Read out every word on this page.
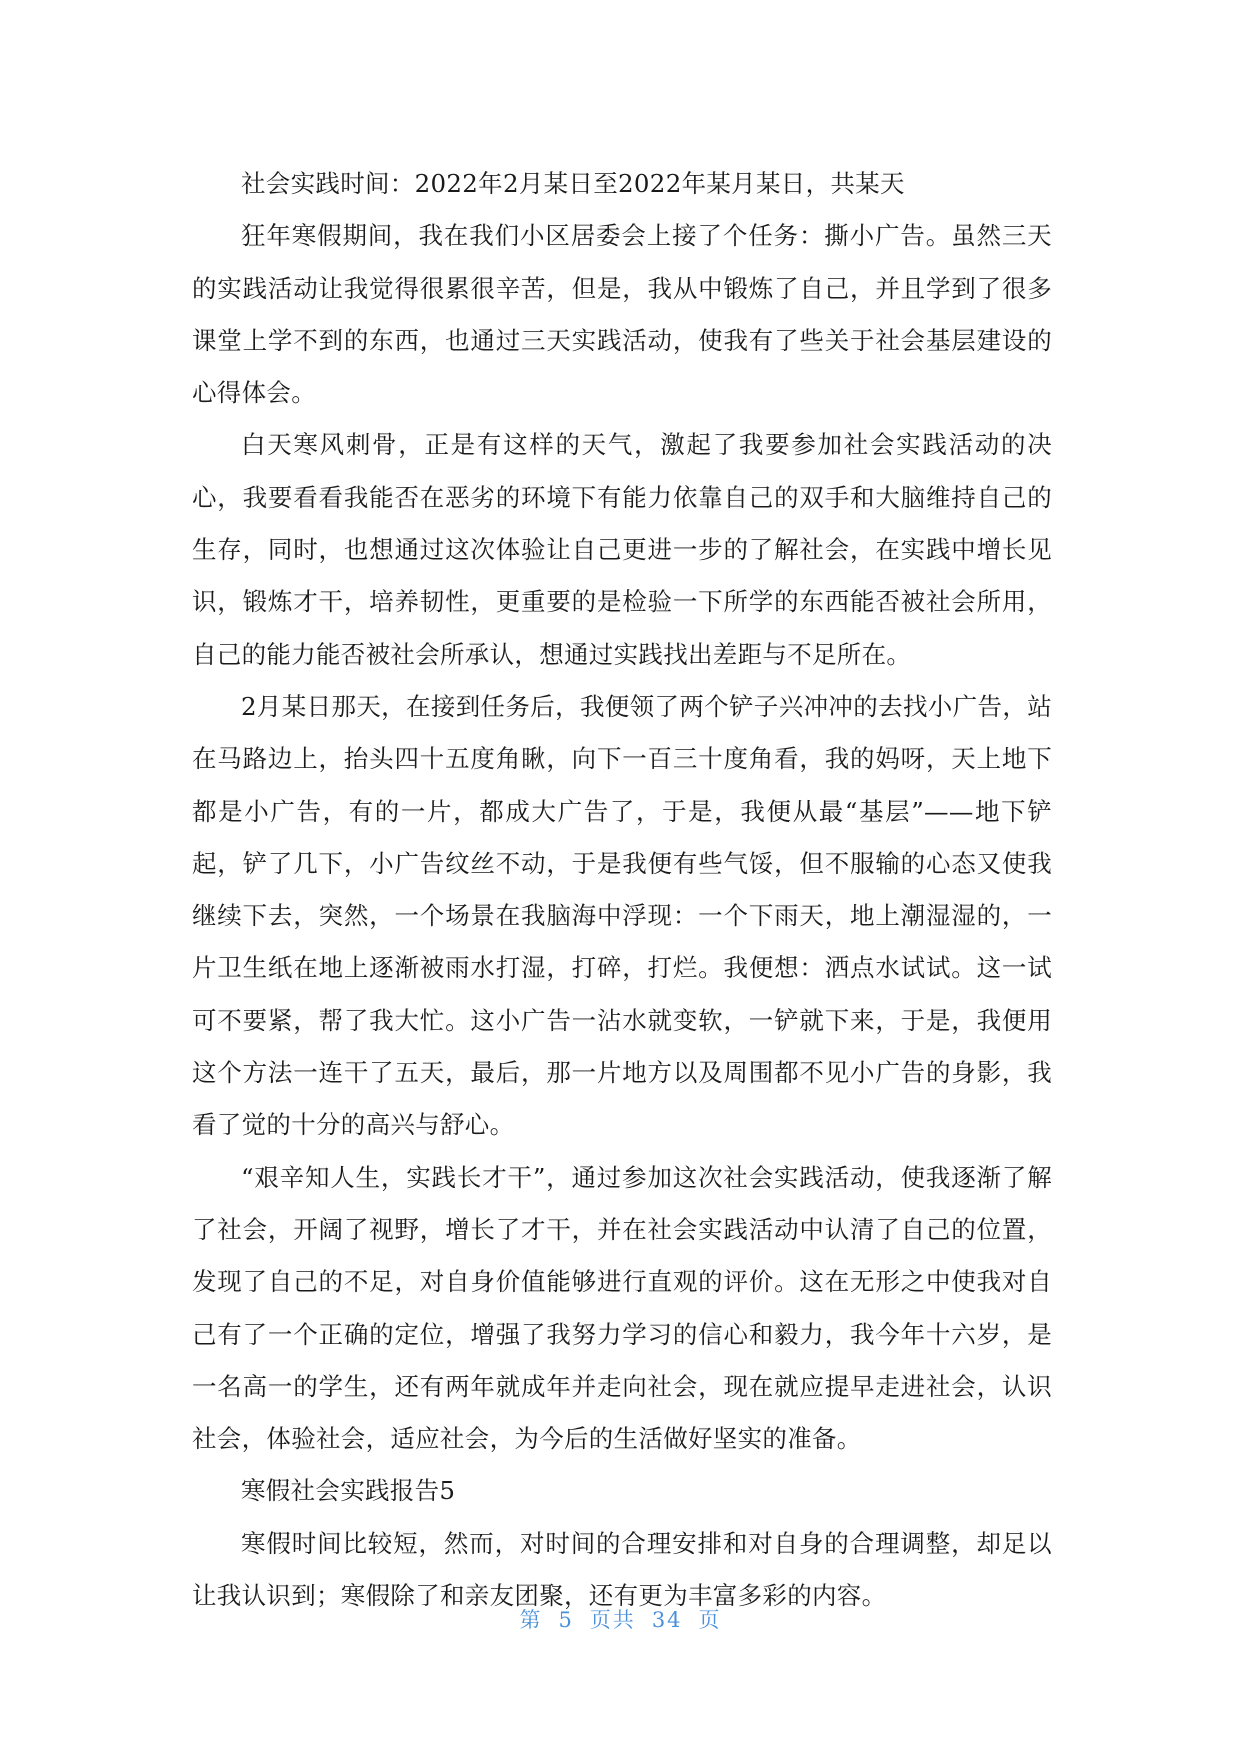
社会实践时间：2022年2月某日至2022年某月某日，共某天

狂年寒假期间，我在我们小区居委会上接了个任务：撕小广告。虽然三天的实践活动让我觉得很累很辛苦，但是，我从中锻炼了自己，并且学到了很多课堂上学不到的东西，也通过三天实践活动，使我有了些关于社会基层建设的心得体会。

白天寒风刺骨，正是有这样的天气，激起了我要参加社会实践活动的决心，我要看看我能否在恶劣的环境下有能力依靠自己的双手和大脑维持自己的生存，同时，也想通过这次体验让自己更进一步的了解社会，在实践中增长见识，锻炼才干，培养韧性，更重要的是检验一下所学的东西能否被社会所用，自己的能力能否被社会所承认，想通过实践找出差距与不足所在。

2月某日那天，在接到任务后，我便领了两个铲子兴冲冲的去找小广告，站在马路边上，抬头四十五度角瞅，向下一百三十度角看，我的妈呀，天上地下都是小广告，有的一片，都成大广告了，于是，我便从最“基层”——地下铲起，铲了几下，小广告纹丝不动，于是我便有些气馁，但不服输的心态又使我继续下去，突然，一个场景在我脑海中浮现：一个下雨天，地上潮湿湿的，一片卫生纸在地上逐渐被雨水打湿，打碎，打烂。我便想：洒点水试试。这一试可不要紧，帮了我大忙。这小广告一沾水就变软，一铲就下来，于是，我便用这个方法一连干了五天，最后，那一片地方以及周围都不见小广告的身影，我看了觉的十分的高兴与舒心。

“艰辛知人生，实践长才干”，通过参加这次社会实践活动，使我逐渐了解了社会，开阔了视野，增长了才干，并在社会实践活动中认清了自己的位置，发现了自己的不足，对自身价值能够进行直观的评价。这在无形之中使我对自己有了一个正确的定位，增强了我努力学习的信心和毅力，我今年十六岁，是一名高一的学生，还有两年就成年并走向社会，现在就应提早走进社会，认识社会，体验社会，适应社会，为今后的生活做好坚实的准备。

寒假社会实践报告5

寒假时间比较短，然而，对时间的合理安排和对自身的合理调整，却足以让我认识到；寒假除了和亲友团聚，还有更为丰富多彩的内容。

第 5 页共 34 页
